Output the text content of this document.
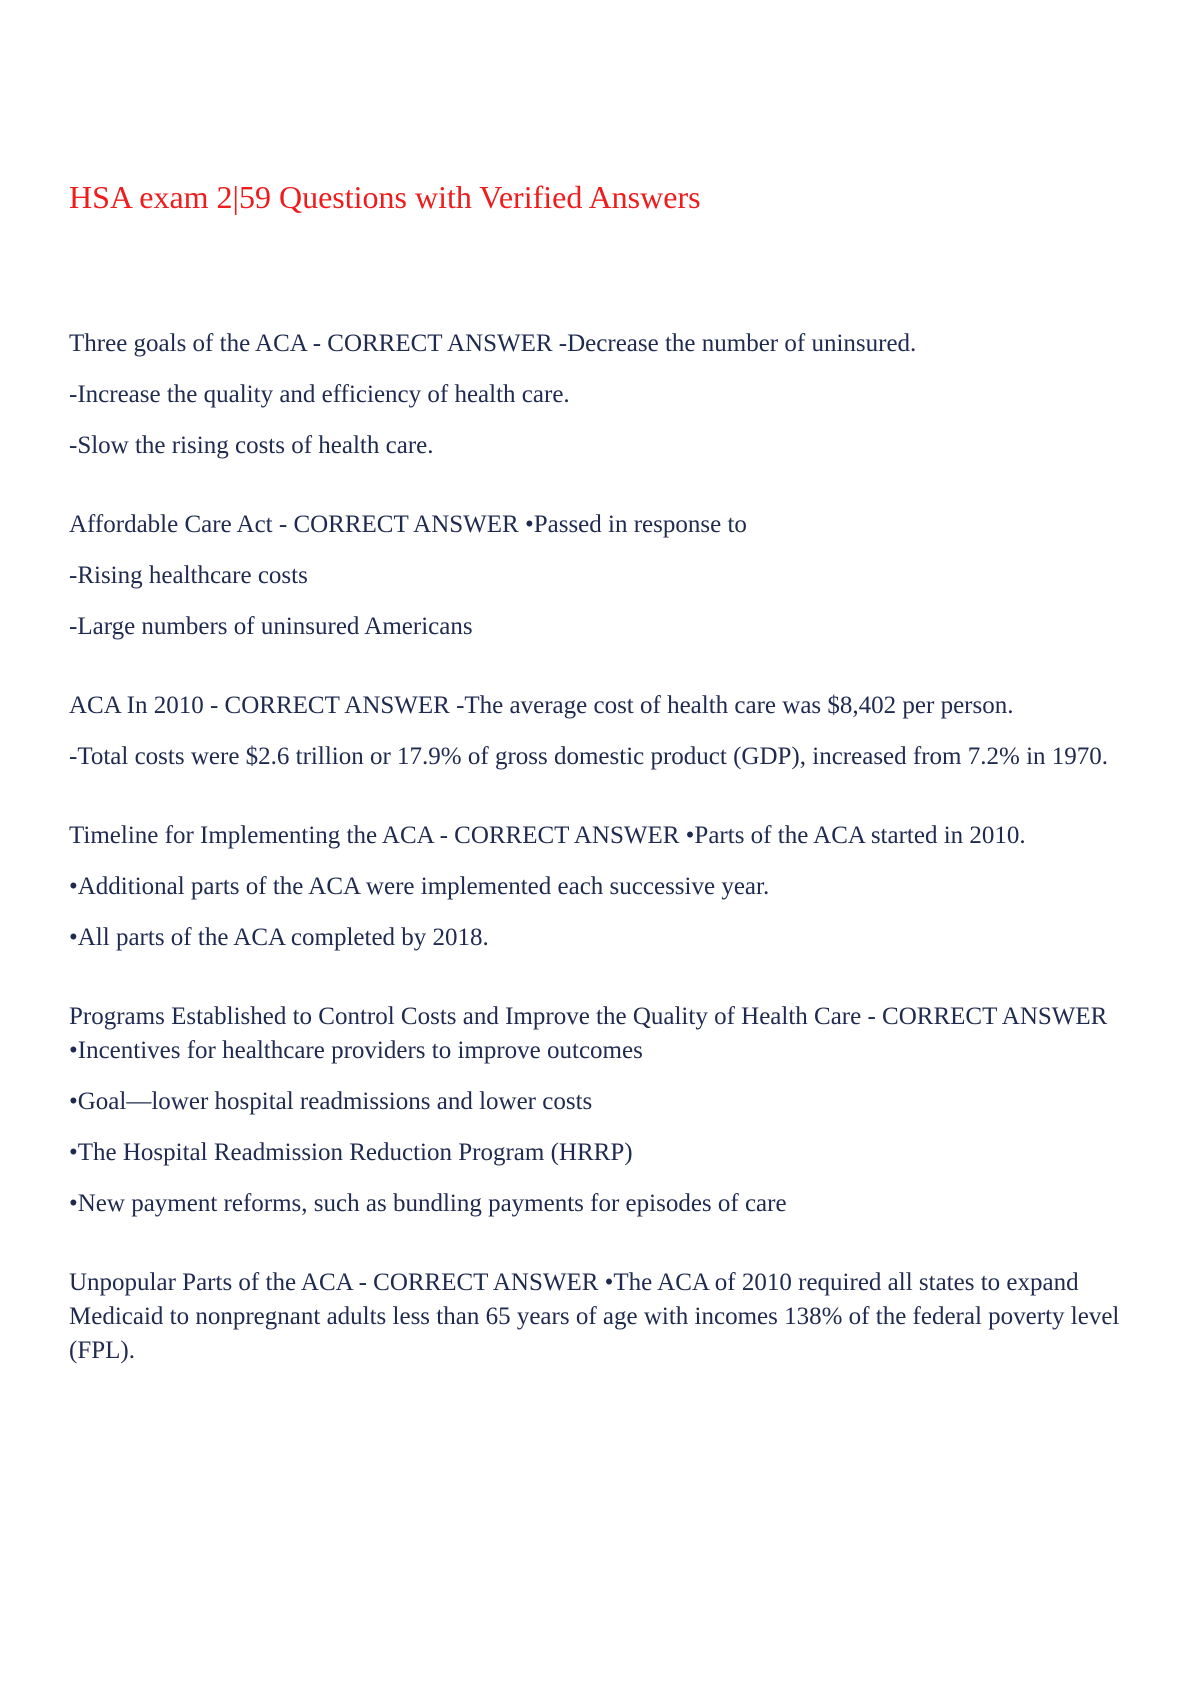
HSA exam 2|59 Questions with Verified Answers

Three goals of the ACA - CORRECT ANSWER -Decrease the number of uninsured.

-Increase the quality and efficiency of health care.

-Slow the rising costs of health care.

Affordable Care Act - CORRECT ANSWER •Passed in response to

-Rising healthcare costs

-Large numbers of uninsured Americans

ACA In 2010 - CORRECT ANSWER -The average cost of health care was $8,402 per person.

-Total costs were $2.6 trillion or 17.9% of gross domestic product (GDP), increased from 7.2% in 1970.

Timeline for Implementing the ACA - CORRECT ANSWER •Parts of the ACA started in 2010.

•Additional parts of the ACA were implemented each successive year.

•All parts of the ACA completed by 2018.

Programs Established to Control Costs and Improve the Quality of Health Care - CORRECT ANSWER •Incentives for healthcare providers to improve outcomes

•Goal—lower hospital readmissions and lower costs

•The Hospital Readmission Reduction Program (HRRP)

•New payment reforms, such as bundling payments for episodes of care

Unpopular Parts of the ACA - CORRECT ANSWER •The ACA of 2010 required all states to expand Medicaid to nonpregnant adults less than 65 years of age with incomes 138% of the federal poverty level (FPL).
